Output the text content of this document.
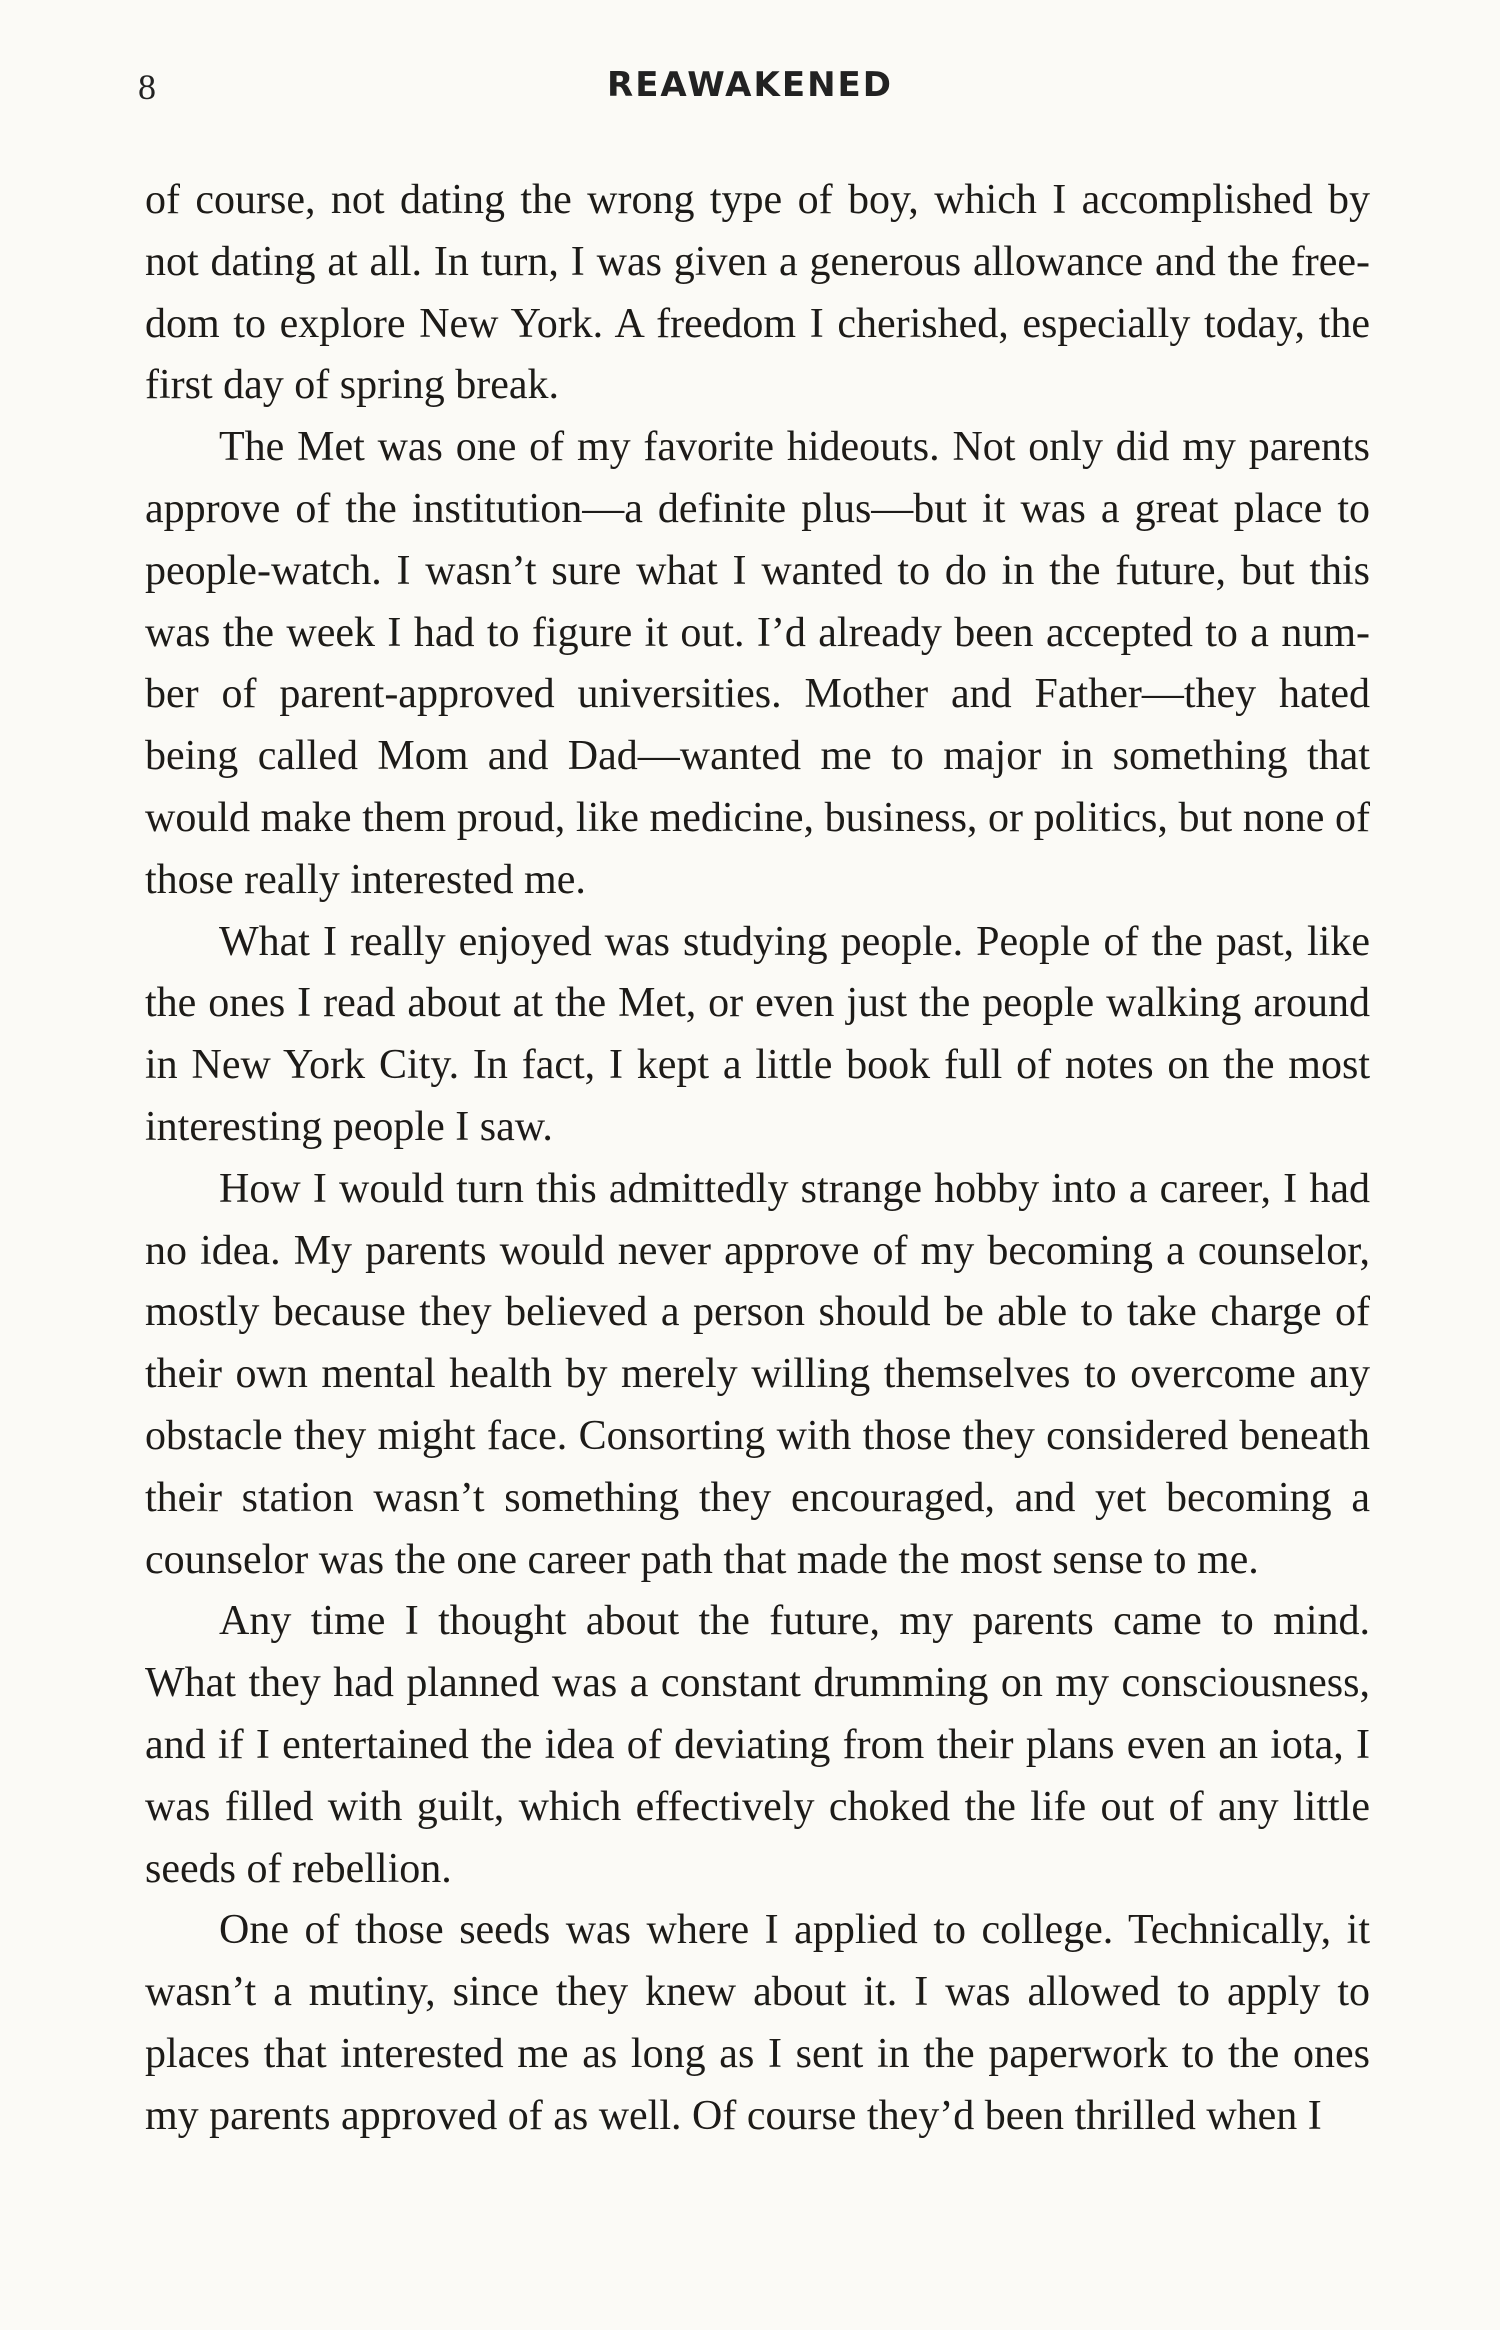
8	REAWAKENED

of course, not dating the wrong type of boy, which I accomplished by not dating at all. In turn, I was given a generous allowance and the freedom to explore New York. A freedom I cherished, especially today, the first day of spring break.

The Met was one of my favorite hideouts. Not only did my parents approve of the institution—a definite plus—but it was a great place to people-watch. I wasn’t sure what I wanted to do in the future, but this was the week I had to figure it out. I’d already been accepted to a number of parent-approved universities. Mother and Father—they hated being called Mom and Dad—wanted me to major in something that would make them proud, like medicine, business, or politics, but none of those really interested me.

What I really enjoyed was studying people. People of the past, like the ones I read about at the Met, or even just the people walking around in New York City. In fact, I kept a little book full of notes on the most interesting people I saw.

How I would turn this admittedly strange hobby into a career, I had no idea. My parents would never approve of my becoming a counselor, mostly because they believed a person should be able to take charge of their own mental health by merely willing themselves to overcome any obstacle they might face. Consorting with those they considered beneath their station wasn’t something they encouraged, and yet becoming a counselor was the one career path that made the most sense to me.

Any time I thought about the future, my parents came to mind. What they had planned was a constant drumming on my consciousness, and if I entertained the idea of deviating from their plans even an iota, I was filled with guilt, which effectively choked the life out of any little seeds of rebellion.

One of those seeds was where I applied to college. Technically, it wasn’t a mutiny, since they knew about it. I was allowed to apply to places that interested me as long as I sent in the paperwork to the ones my parents approved of as well. Of course they’d been thrilled when I
